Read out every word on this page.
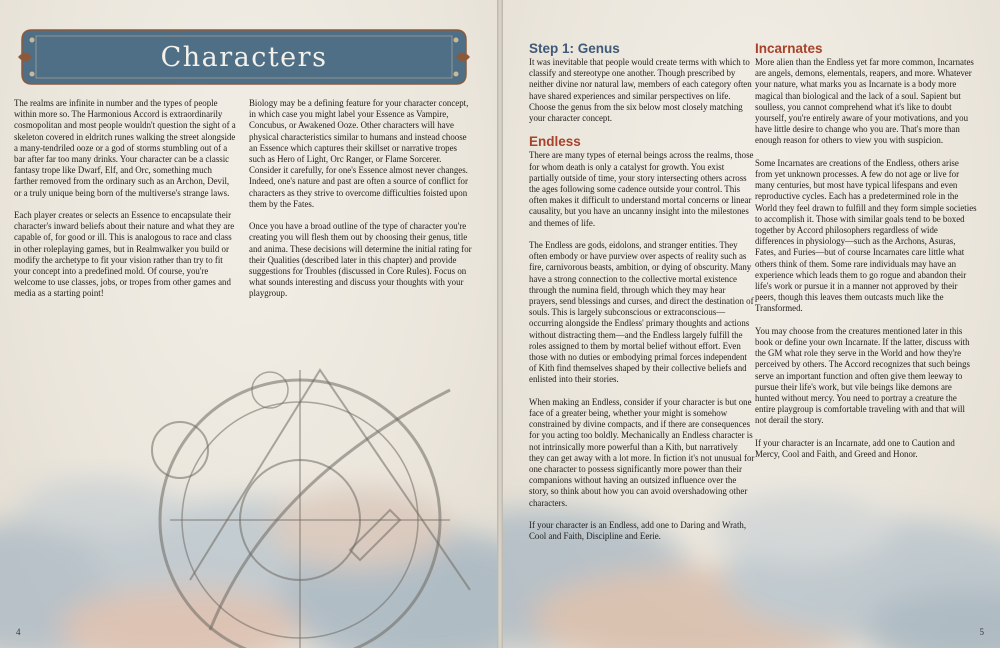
Characters

The realms are infinite in number and the types of people within more so. The Harmonious Accord is extraordinarily cosmopolitan and most people wouldn't question the sight of a skeleton covered in eldritch runes walking the street alongside a many-tendriled ooze or a god of storms stumbling out of a bar after far too many drinks. Your character can be a classic fantasy trope like Dwarf, Elf, and Orc, something much farther removed from the ordinary such as an Archon, Devil, or a truly unique being born of the multiverse's strange laws.

Each player creates or selects an Essence to encapsulate their character's inward beliefs about their nature and what they are capable of, for good or ill. This is analogous to race and class in other roleplaying games, but in Realmwalker you build or modify the archetype to fit your vision rather than try to fit your concept into a predefined mold. Of course, you're welcome to use classes, jobs, or tropes from other games and media as a starting point!

Biology may be a defining feature for your character concept, in which case you might label your Essence as Vampire, Concubus, or Awakened Ooze. Other characters will have physical characteristics similar to humans and instead choose an Essence which captures their skillset or narrative tropes such as Hero of Light, Orc Ranger, or Flame Sorcerer. Consider it carefully, for one's Essence almost never changes. Indeed, one's nature and past are often a source of conflict for characters as they strive to overcome difficulties foisted upon them by the Fates.

Once you have a broad outline of the type of character you're creating you will flesh them out by choosing their genus, title and anima. These decisions will determine the initial rating for their Qualities (described later in this chapter) and provide suggestions for Troubles (discussed in Core Rules). Focus on what sounds interesting and discuss your thoughts with your playgroup.

4
Step 1: Genus

It was inevitable that people would create terms with which to classify and stereotype one another. Though prescribed by neither divine nor natural law, members of each category often have shared experiences and similar perspectives on life. Choose the genus from the six below most closely matching your character concept.

Endless

There are many types of eternal beings across the realms, those for whom death is only a catalyst for growth. You exist partially outside of time, your story intersecting others across the ages following some cadence outside your control. This often makes it difficult to understand mortal concerns or linear causality, but you have an uncanny insight into the milestones and themes of life.

The Endless are gods, eidolons, and stranger entities. They often embody or have purview over aspects of reality such as fire, carnivorous beasts, ambition, or dying of obscurity. Many have a strong connection to the collective mortal existence through the numina field, through which they may hear prayers, send blessings and curses, and direct the destination of souls. This is largely subconscious or extraconscious—occurring alongside the Endless' primary thoughts and actions without distracting them—and the Endless largely fulfill the roles assigned to them by mortal belief without effort. Even those with no duties or embodying primal forces independent of Kith find themselves shaped by their collective beliefs and enlisted into their stories.

When making an Endless, consider if your character is but one face of a greater being, whether your might is somehow constrained by divine compacts, and if there are consequences for you acting too boldly. Mechanically an Endless character is not intrinsically more powerful than a Kith, but narratively they can get away with a lot more. In fiction it's not unusual for one character to possess significantly more power than their companions without having an outsized influence over the story, so think about how you can avoid overshadowing other characters.

If your character is an Endless, add one to Daring and Wrath, Cool and Faith, Discipline and Eerie.

Incarnates

More alien than the Endless yet far more common, Incarnates are angels, demons, elementals, reapers, and more. Whatever your nature, what marks you as Incarnate is a body more magical than biological and the lack of a soul. Sapient but soulless, you cannot comprehend what it's like to doubt yourself, you're entirely aware of your motivations, and you have little desire to change who you are. That's more than enough reason for others to view you with suspicion.

Some Incarnates are creations of the Endless, others arise from yet unknown processes. A few do not age or live for many centuries, but most have typical lifespans and even reproductive cycles. Each has a predetermined role in the World they feel drawn to fulfill and they form simple societies to accomplish it. Those with similar goals tend to be boxed together by Accord philosophers regardless of wide differences in physiology—such as the Archons, Asuras, Fates, and Furies—but of course Incarnates care little what others think of them. Some rare individuals may have an experience which leads them to go rogue and abandon their life's work or pursue it in a manner not approved by their peers, though this leaves them outcasts much like the Transformed.

You may choose from the creatures mentioned later in this book or define your own Incarnate. If the latter, discuss with the GM what role they serve in the World and how they're perceived by others. The Accord recognizes that such beings serve an important function and often give them leeway to pursue their life's work, but vile beings like demons are hunted without mercy. You need to portray a creature the entire playgroup is comfortable traveling with and that will not derail the story.

If your character is an Incarnate, add one to Caution and Mercy, Cool and Faith, and Greed and Honor.

5
